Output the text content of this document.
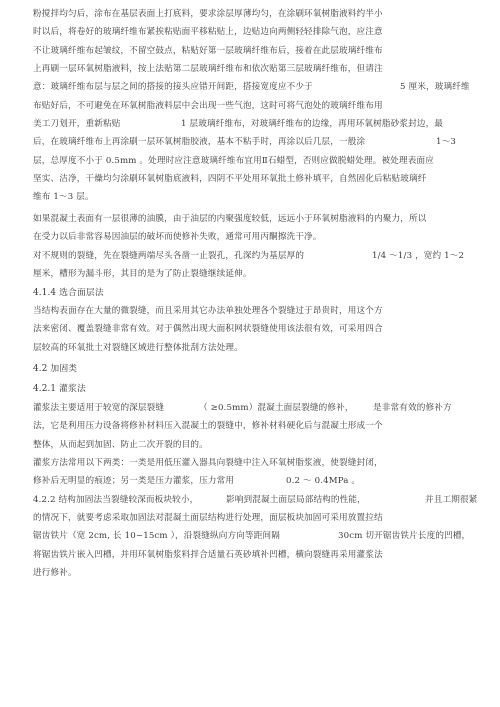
粉搅拌均匀后，涂布在基层表面上打底料，要求涂层厚薄均匀，在涂刷环氧树脂液料约半小
时以后，将卷好的玻璃纤维布紧挨粘贴面平移粘贴上，边贴边向两侧轻轻排除气泡，应注意
不让玻璃纤维布起皱纹，不留空鼓点，粘贴好第一层玻璃纤维布后，接着在此层玻璃纤维布
上再刷一层环氧树脂液料，按上法贴第二层玻璃纤维布和依次贴第三层玻璃纤维布，但请注
意：玻璃纤维布层与层之间的搭接的接头应错开间距，搭接宽度应不少于	5 厘米，玻璃纤维
布贴好后，不可避免在环氧树脂液料层中会出现一些气泡，这时可将气泡处的玻璃纤维布用
美工刀划开，重新粘贴	1 层玻璃纤维布，对玻璃纤维布的边缘，再用环氧树脂砂浆封边，最
后，在玻璃纤维布上再涂刷一层环氧树脂胶液，基本不粘手时，再涂以后几层，一般涂	1～3
层，总厚度不小于 0.5mm 。处理时应注意玻璃纤维布宜用Ⅱ石蜡型，否则应做脱蜡处理。被处理表面应
坚实、洁净，干燥均匀涂刷环氧树脂底液料，四阴不平处用环氧批土修补填平，自然固化后粘贴玻璃纤
维布 1～3 层。
如果混凝土表面有一层很薄的油膜，由于油层的内聚强度较低，远远小于环氧树脂液料的内聚力，所以
在受力以后非常容易因油层的破坏而使修补失败，通常可用丙酮擦洗干净。
对不规则的裂缝，先在裂缝两端尽头各凿一止裂孔，孔深约为基层厚的	1/4 ～1/3 ，宽约 1～2
厘米，槽形为漏斗形，其目的是为了防止裂缝继续延伸。
4.1.4 选合面层法
当结构表面存在大量的微裂缝，而且采用其它办法单独处理各个裂缝过于昂贵时，用这个方
法来密闭、覆盖裂缝非常有效。对于偶然出现大面积网状裂缝使用该法很有效，可采用四合
层较高的环氧批土对裂缝区域进行整体批刮方法处理。
4.2 加固类
4.2.1 灌浆法
灌浆法主要适用于较宽的深层裂缝	（ ≥0.5mm）混凝土面层裂缝的修补， 是非常有效的修补方
法，它是利用压力设备将修补材料压入混凝土的裂缝中，修补材料硬化后与混凝土形成一个
整体，从而起到加固、防止二次开裂的目的。
灌浆方法常用以下两类：一类是用低压灌入器具向裂缝中注入环氧树脂浆液，使裂缝封闭，
修补后无明显的痕迹；另一类是压力灌浆，压力常用	0.2 ～ 0.4MPa 。
4.2.2 结构加固法当裂缝较深而板块较小，	影响到混凝土面层局部结构的性能，	并且工期很紧
的情况下，就要考虑采取加固法对混凝土面层结构进行处理，面层板块加固可采用放置拉结
锯齿铁片（宽 2cm, 长 10~15cm ），沿裂缝纵向方向等距间隔	30cm 切开锯齿铁片长度的凹槽，
将锯齿铁片嵌入凹槽，并用环氧树脂浆料拌合适量石英砂填补凹槽，横向裂缝再采用灌浆法
进行修补。
